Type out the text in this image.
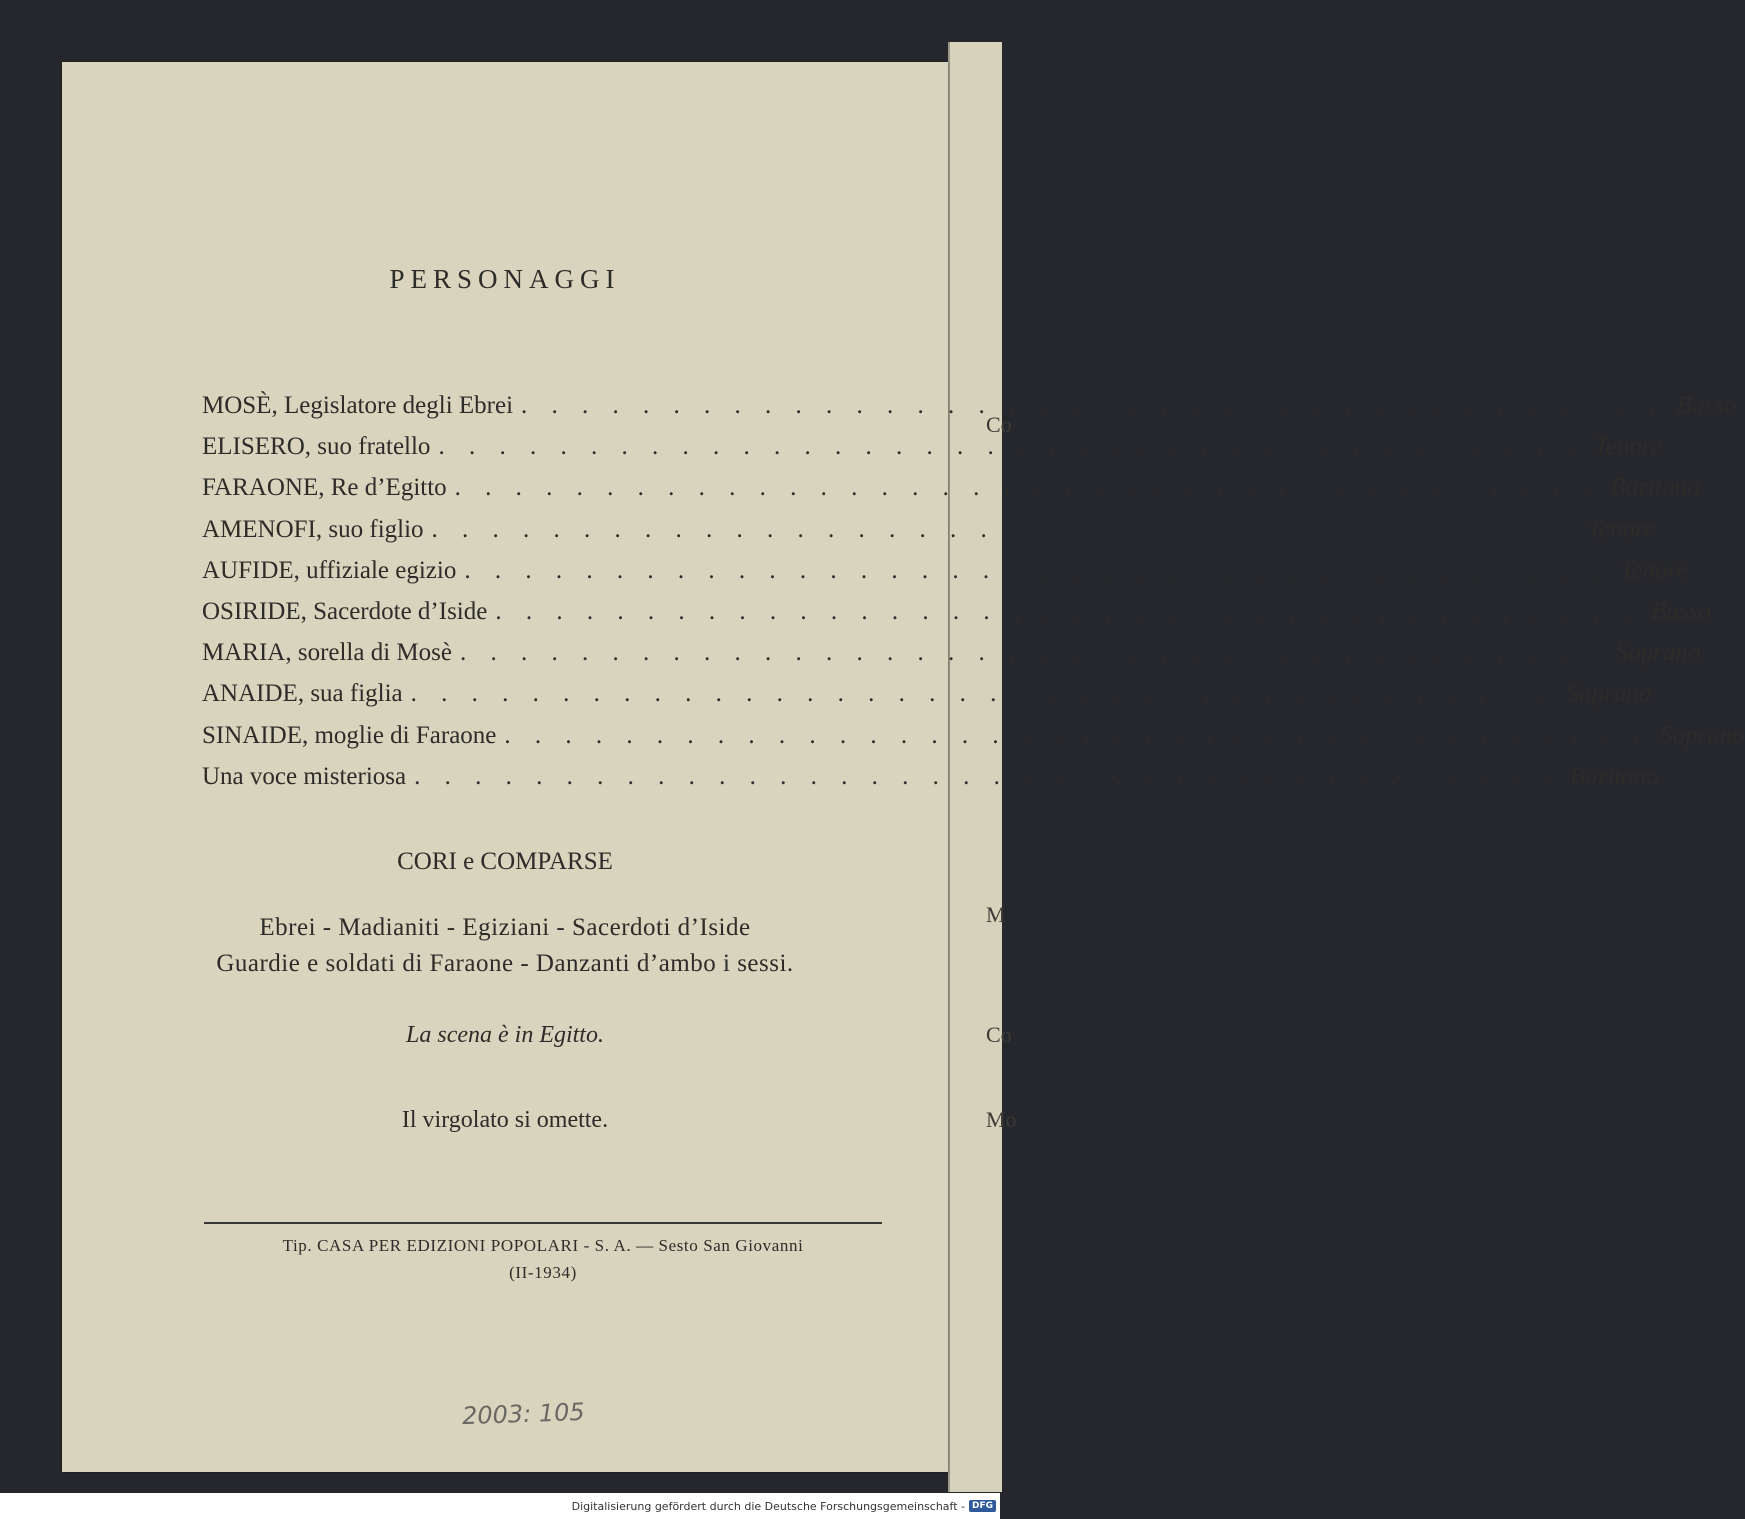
Co
M
Co
Mo
PERSONAGGI
MOSÈ, Legislatore degli Ebrei . . .	Basso
ELISERO, suo fratello . . .	Tenore
FARAONE, Re d’Egitto . . .	Baritono
AMENOFI, suo figlio . . .	Tenore
AUFIDE, uffiziale egizio . . .	Tenore
OSIRIDE, Sacerdote d’Iside . . .	Basso
MARIA, sorella di Mosè . . .	Soprano
ANAIDE, sua figlia . . .	Soprano
SINAIDE, moglie di Faraone . . .	Soprano
Una voce misteriosa . . .	Baritono
CORI e COMPARSE
Ebrei - Madianiti - Egiziani - Sacerdoti d’Iside
Guardie e soldati di Faraone - Danzanti d’ambo i sessi.
La scena è in Egitto.
Il virgolato si omette.
Tip. CASA PER EDIZIONI POPOLARI - S. A. — Sesto San Giovanni
(II-1934)
2003: 105
Digitalisierung gefördert durch die Deutsche Forschungsgemeinschaft - DFG
